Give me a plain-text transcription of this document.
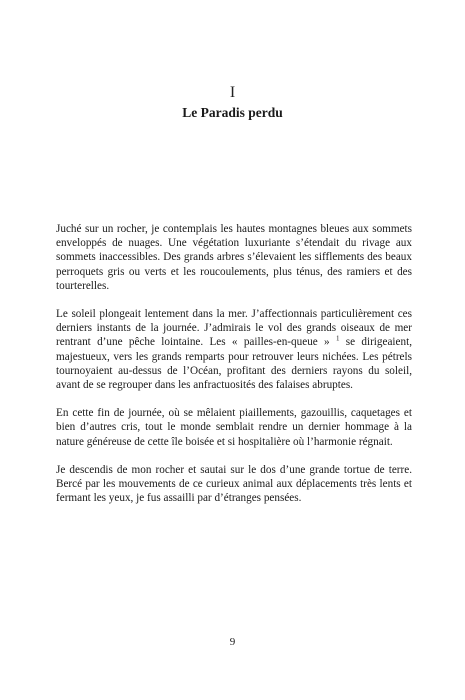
I
Le Paradis perdu

Juché sur un rocher, je contemplais les hautes montagnes bleues aux sommets enveloppés de nuages. Une végétation luxuriante s’étendait du rivage aux sommets inaccessibles. Des grands arbres s’élevaient les sifflements des beaux perroquets gris ou verts et les roucoulements, plus ténus, des ramiers et des tourterelles.

Le soleil plongeait lentement dans la mer. J’affectionnais particulièrement ces derniers instants de la journée. J’admirais le vol des grands oiseaux de mer rentrant d’une pêche lointaine. Les « pailles-en-queue » $^1$ se dirigeaient, majestueux, vers les grands remparts pour retrouver leurs nichées. Les pétrels tournoyaient au-dessus de l’Océan, profitant des derniers rayons du soleil, avant de se regrouper dans les anfractuosités des falaises abruptes.

En cette fin de journée, où se mêlaient piaillements, gazouillis, caquetages et bien d’autres cris, tout le monde semblait rendre un dernier hommage à la nature généreuse de cette île boisée et si hospitalière où l’harmonie régnait.

Je descendis de mon rocher et sautai sur le dos d’une grande tortue de terre. Bercé par les mouvements de ce curieux animal aux déplacements très lents et fermant les yeux, je fus assailli par d’étranges pensées.

9
